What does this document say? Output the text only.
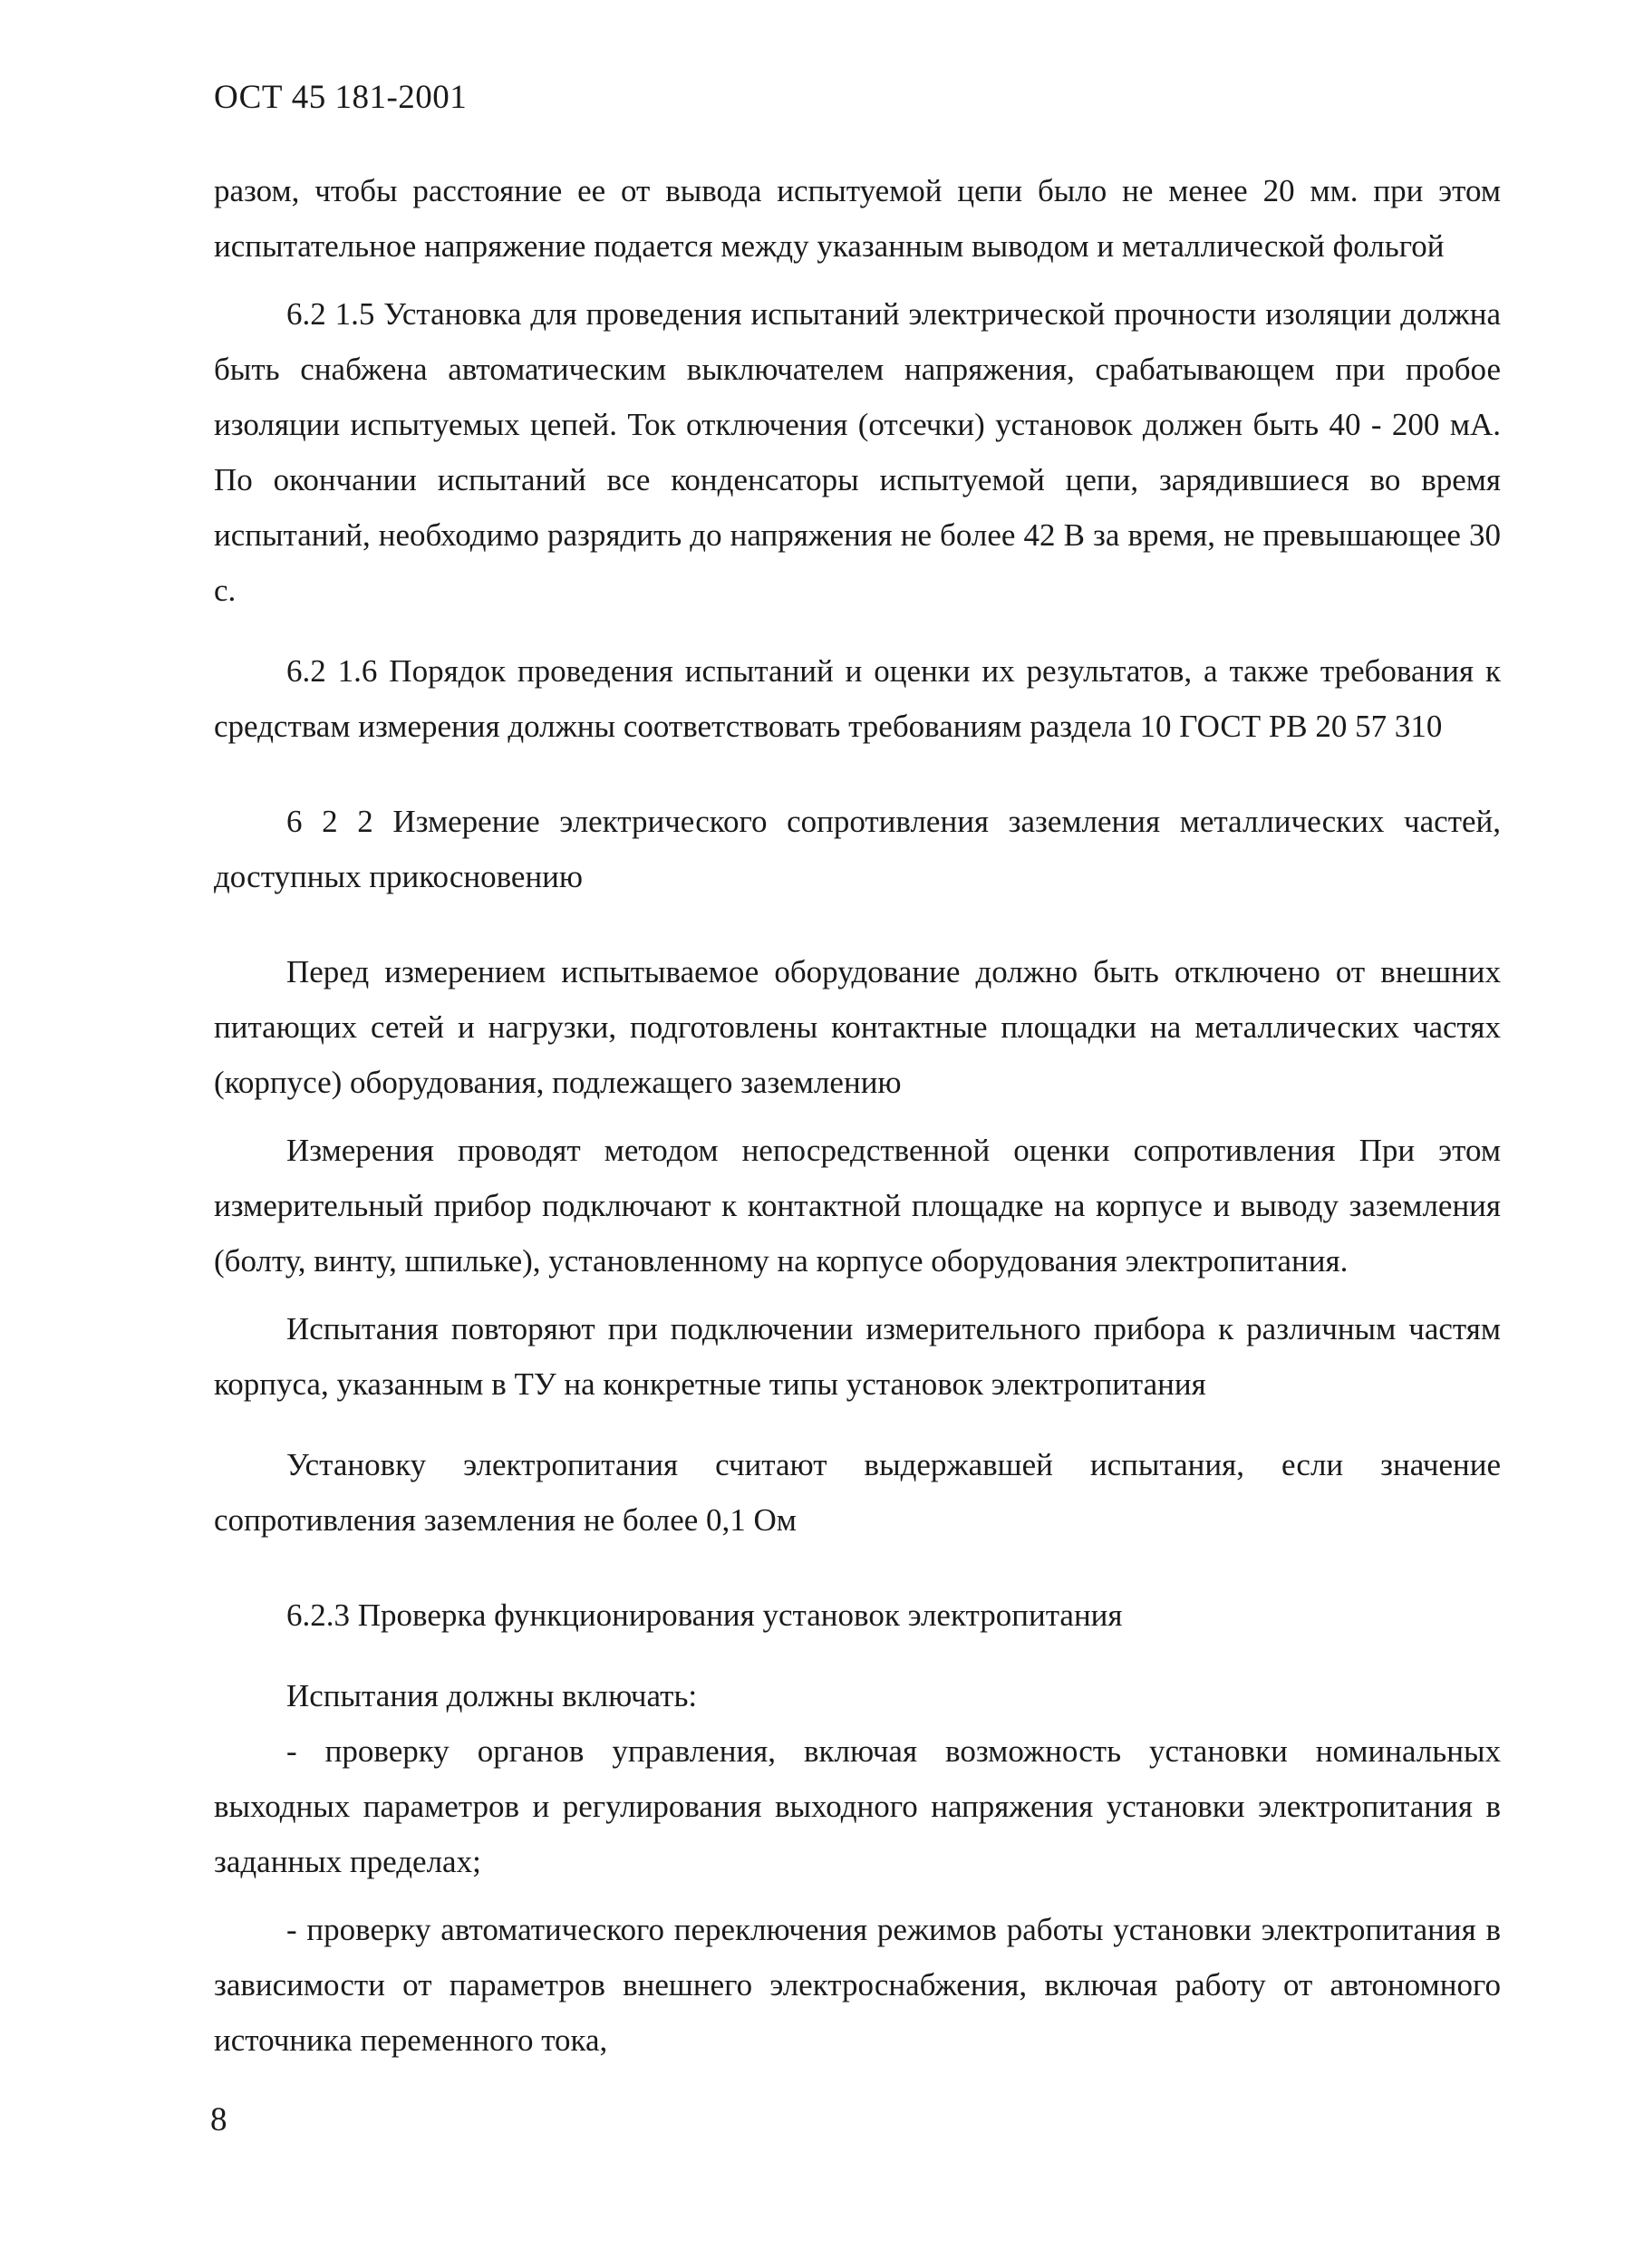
ОСТ 45 181-2001

разом, чтобы расстояние ее от вывода испытуемой цепи было не менее 20 мм. при этом испытательное напряжение подается между указанным выводом и металлической фольгой

6.2 1.5 Установка для проведения испытаний электрической прочности изоляции должна быть снабжена автоматическим выключателем напряжения, срабатывающем при пробое изоляции испытуемых цепей. Ток отключения (отсечки) установок должен быть 40 - 200 мА. По окончании испытаний все конденсаторы испытуемой цепи, зарядившиеся во время испытаний, необходимо разрядить до напряжения не более 42 В за время, не превышающее 30 с.

6.2 1.6 Порядок проведения испытаний и оценки их результатов, а также требования к средствам измерения должны соответствовать требованиям раздела 10 ГОСТ РВ 20 57 310

6 2 2 Измерение электрического сопротивления заземления металлических частей, доступных прикосновению

Перед измерением испытываемое оборудование должно быть отключено от внешних питающих сетей и нагрузки, подготовлены контактные площадки на металлических частях (корпусе) оборудования, подлежащего заземлению

Измерения проводят методом непосредственной оценки сопротивления При этом измерительный прибор подключают к контактной площадке на корпусе и выводу заземления (болту, винту, шпильке), установленному на корпусе оборудования электропитания.

Испытания повторяют при подключении измерительного прибора к различным частям корпуса, указанным в ТУ на конкретные типы установок электропитания

Установку электропитания считают выдержавшей испытания, если значение сопротивления заземления не более 0,1 Ом

6.2.3 Проверка функционирования установок электропитания

Испытания должны включать:

- проверку органов управления, включая возможность установки номинальных выходных параметров и регулирования выходного напряжения установки электропитания в заданных пределах;

- проверку автоматического переключения режимов работы установки электропитания в зависимости от параметров внешнего электроснабжения, включая работу от автономного источника переменного тока,

8
